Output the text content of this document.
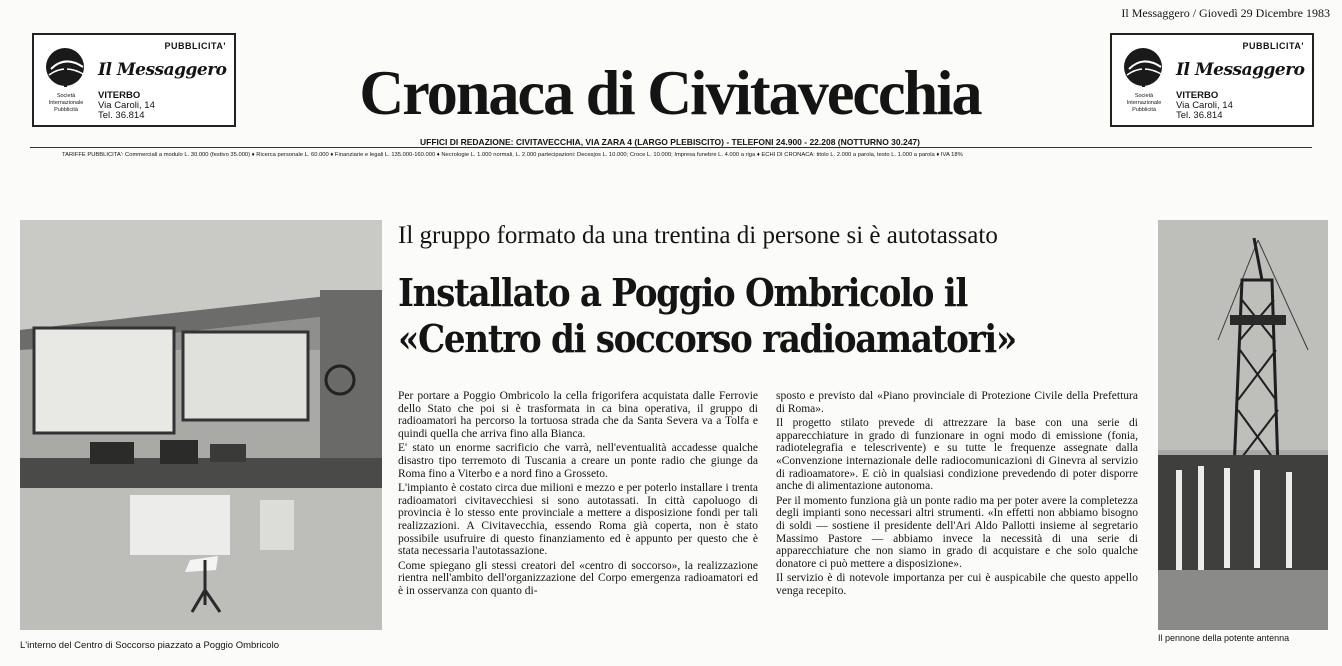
Il Messaggero / Giovedì 29 Dicembre 1983
PUBBLICITA'
Il Messaggero
Società Internazionale Pubblicità
VITERBO
Via Caroli, 14
Tel. 36.814
PUBBLICITA'
Il Messaggero
Società Internazionale Pubblicità
VITERBO
Via Caroli, 14
Tel. 36.814
Cronaca di Civitavecchia
UFFICI DI REDAZIONE: CIVITAVECCHIA, VIA ZARA 4 (LARGO PLEBISCITO) - TELEFONI 24.900 - 22.208 (NOTTURNO 30.247)
TARIFFE PUBBLICITA': Commerciali a modulo L. 30.000 (festivo 35.000) ♦ Ricerca personale L. 60.000 ♦ Finanziarie e legali L. 135.000-160.000 ♦ Necrologie L. 1.000 normali, L. 2.000 partecipazioni: Decesjos L. 10.000; Croce L. 10.000; Impresa funebre L. 4.000 a riga ♦ ECHI DI CRONACA: titolo L. 2.000 a parola, testo L. 1.000 a parola ♦ IVA 18%
L'interno del Centro di Soccorso piazzato a Poggio Ombricolo
Il gruppo formato da una trentina di persone si è autotassato
Installato a Poggio Ombricolo il
«Centro di soccorso radioamatori»

Per portare a Poggio Ombricolo la cella frigorifera acquistata dalle Ferrovie dello Stato che poi si è trasformata in ca bina operativa, il gruppo di radioamatori ha percorso la tortuosa strada che da Santa Severa va a Tolfa e quindi quella che arriva fino alla Bianca.

E' stato un enorme sacrificio che varrà, nell'eventualità accadesse qualche disastro tipo terremoto di Tuscania a creare un ponte radio che giunge da Roma fino a Viterbo e a nord fino a Grosseto.

L'impianto è costato circa due milioni e mezzo e per poterlo installare i trenta radioamatori civitavecchiesi si sono autotassati. In città capoluogo di provincia è lo stesso ente provinciale a mettere a disposizione fondi per tali realizzazioni. A Civitavecchia, essendo Roma già coperta, non è stato possibile usufruire di questo finanziamento ed è appunto per questo che è stata necessaria l'autotassazione.

Come spiegano gli stessi creatori del «centro di soccorso», la realizzazione rientra nell'ambito dell'organizzazione del Corpo emergenza radioamatori ed è in osservanza con quanto di-

sposto e previsto dal «Piano provinciale di Protezione Civile della Prefettura di Roma».

Il progetto stilato prevede di attrezzare la base con una serie di apparecchiature in grado di funzionare in ogni modo di emissione (fonia, radiotelegrafia e telescrivente) e su tutte le frequenze assegnate dalla «Convenzione internazionale delle radiocomunicazioni di Ginevra al servizio di radioamatore». E ciò in qualsiasi condizione prevedendo di poter disporre anche di alimentazione autonoma.

Per il momento funziona già un ponte radio ma per poter avere la completezza degli impianti sono necessari altri strumenti. «In effetti non abbiamo bisogno di soldi — sostiene il presidente dell'Ari Aldo Pallotti insieme al segretario Massimo Pastore — abbiamo invece la necessità di una serie di apparecchiature che non siamo in grado di acquistare e che solo qualche donatore ci può mettere a disposizione».

Il servizio è di notevole importanza per cui è auspicabile che questo appello venga recepito.

Il pennone della potente antenna
